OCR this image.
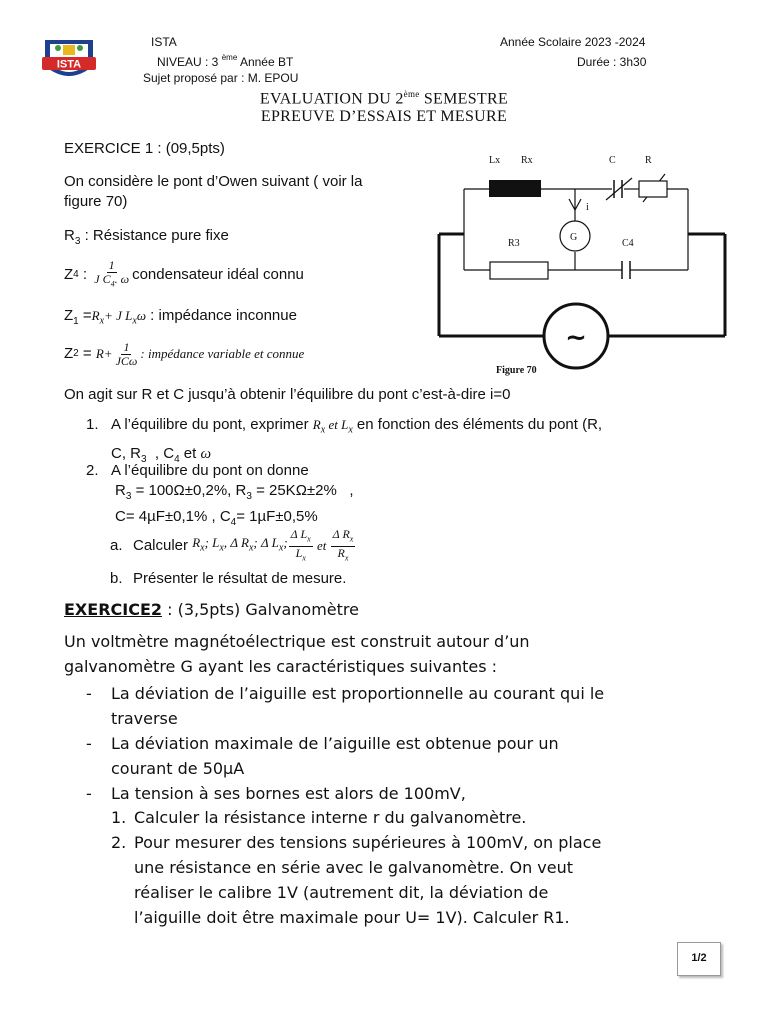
ISTA
ISTA
NIVEAU : 3 $^{ème}$ Année BT
Sujet proposé par : M. EPOU
Année Scolaire 2023 -2024
Durée : 3h30
EVALUATION DU 2ème SEMESTRE
EPREUVE D’ESSAIS ET MESURE
EXERCICE 1 : (09,5pts)
On considère le pont d’Owen suivant ( voir la
figure 70)
$R_3$ : Résistance pure fixe
Z 4 : $\frac{1}{J C_4. \omega}$ condensateur idéal connu
$Z_1 =R_x+ J$ $L_x\omega$ : impédance inconnue
Z $2 = R+ \frac{1}{\text{JCω}}$ : impédance variable et connue
On agit sur R et C jusqu’à obtenir l’équilibre du pont c’est-à-dire i=0
1. A l’équilibre du pont, exprimer $R_x$ et $L_x$ en fonction des éléments du pont (R,
C, $R_3$  , $C_4$ et ω
2. A l’équilibre du pont on donne
$R_3 = 100\Omega\pm 0,2\%$, $R_3 = 25K\Omega\pm 2\%$   ,
C= 4µF±0,1% , $C_4= 1\mu F\pm 0,5\%$
a. Calculer $R_x$; $L_x$, Δ $R_x$; Δ $L_x$; $\frac{\Delta L_x}{L_x}$ et $\frac{\Delta R_x}{R_x}$
b. Présenter le résultat de mesure.
Lx Rx	C	R
i
G
R3	C4
~
Figure 70
EXERCICE2 : (3,5pts) Galvanomètre
Un voltmètre magnétoélectrique est construit autour d’un
galvanomètre G ayant les caractéristiques suivantes :
- La déviation de l’aiguille est proportionnelle au courant qui le
traverse
- La déviation maximale de l’aiguille est obtenue pour un
courant de 50µA
- La tension à ses bornes est alors de 100mV,
1. Calculer la résistance interne r du galvanomètre.
2. Pour mesurer des tensions supérieures à 100mV, on place
une résistance en série avec le galvanomètre. On veut
réaliser le calibre 1V (autrement dit, la déviation de
l’aiguille doit être maximale pour U= 1V). Calculer R1.
1/2
